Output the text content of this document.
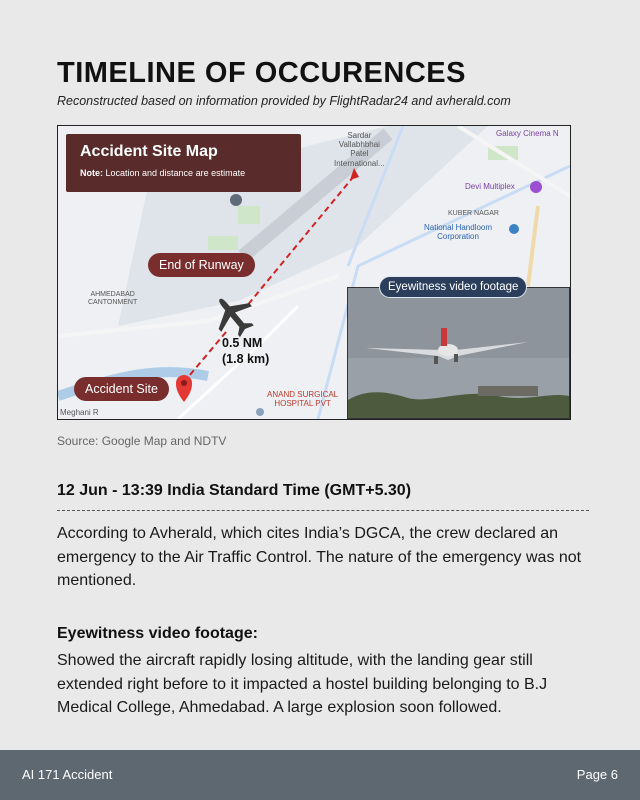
TIMELINE OF OCCURENCES
Reconstructed based on information provided by FlightRadar24 and avherald.com
Sardar
Vallabhbhai
Patel
International...
Galaxy Cinema N
Devi Multiplex
KUBER NAGAR
National Handloom
Corporation
AHMEDABAD
CANTONMENT
ANAND SURGICAL
HOSPITAL PVT
Meghani R
Accident Site Map
Note: Location and distance are estimate
End of Runway
Accident Site
0.5 NM
(1.8 km)
Eyewitness video footage
Source: Google Map and NDTV
12 Jun - 13:39 India Standard Time (GMT+5.30)
According to Avherald, which cites India’s DGCA, the crew declared an emergency to the Air Traffic Control. The nature of the emergency was not mentioned.
Eyewitness video footage:
Showed the aircraft rapidly losing altitude, with the landing gear still extended right before to it impacted a hostel building belonging to B.J Medical College, Ahmedabad. A large explosion soon followed.
AI 171 Accident	Page 6
